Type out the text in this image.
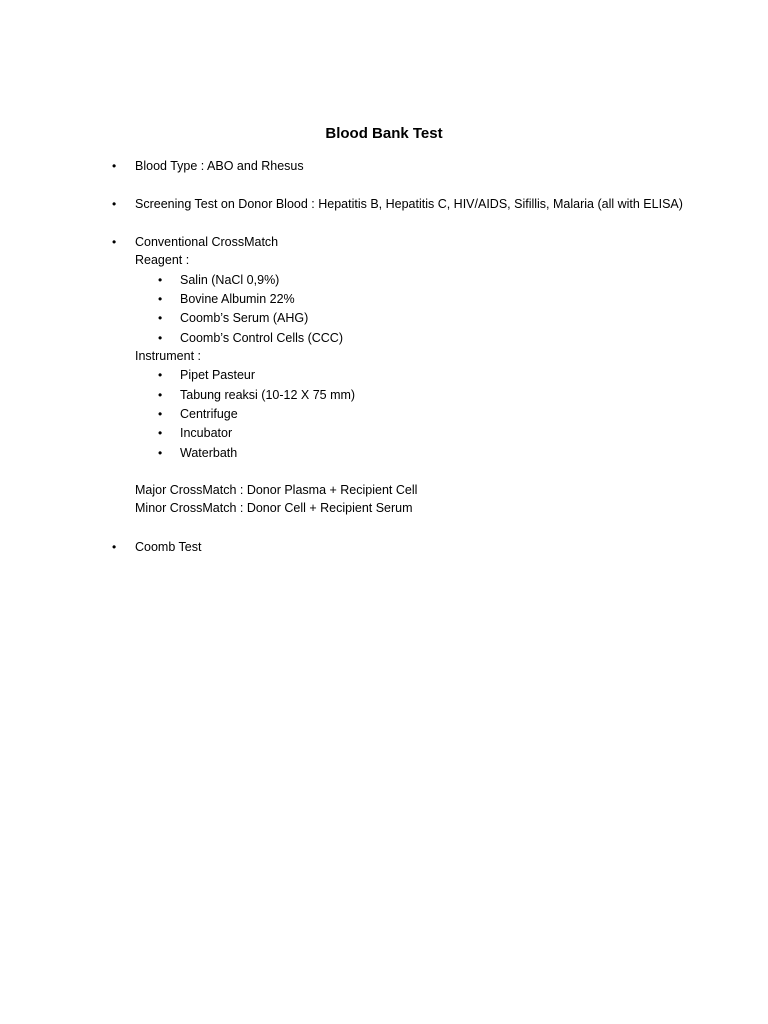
Blood Bank Test
• Blood Type : ABO and Rhesus
• Screening Test on Donor Blood : Hepatitis B, Hepatitis C, HIV/AIDS, Sifillis, Malaria (all with ELISA)
• Conventional CrossMatch
Reagent :
• Salin (NaCl 0,9%)
• Bovine Albumin 22%
• Coomb’s Serum (AHG)
• Coomb’s Control Cells (CCC)
Instrument :
• Pipet Pasteur
• Tabung reaksi (10-12 X 75 mm)
• Centrifuge
• Incubator
• Waterbath
Major CrossMatch : Donor Plasma + Recipient Cell
Minor CrossMatch : Donor Cell + Recipient Serum
• Coomb Test
